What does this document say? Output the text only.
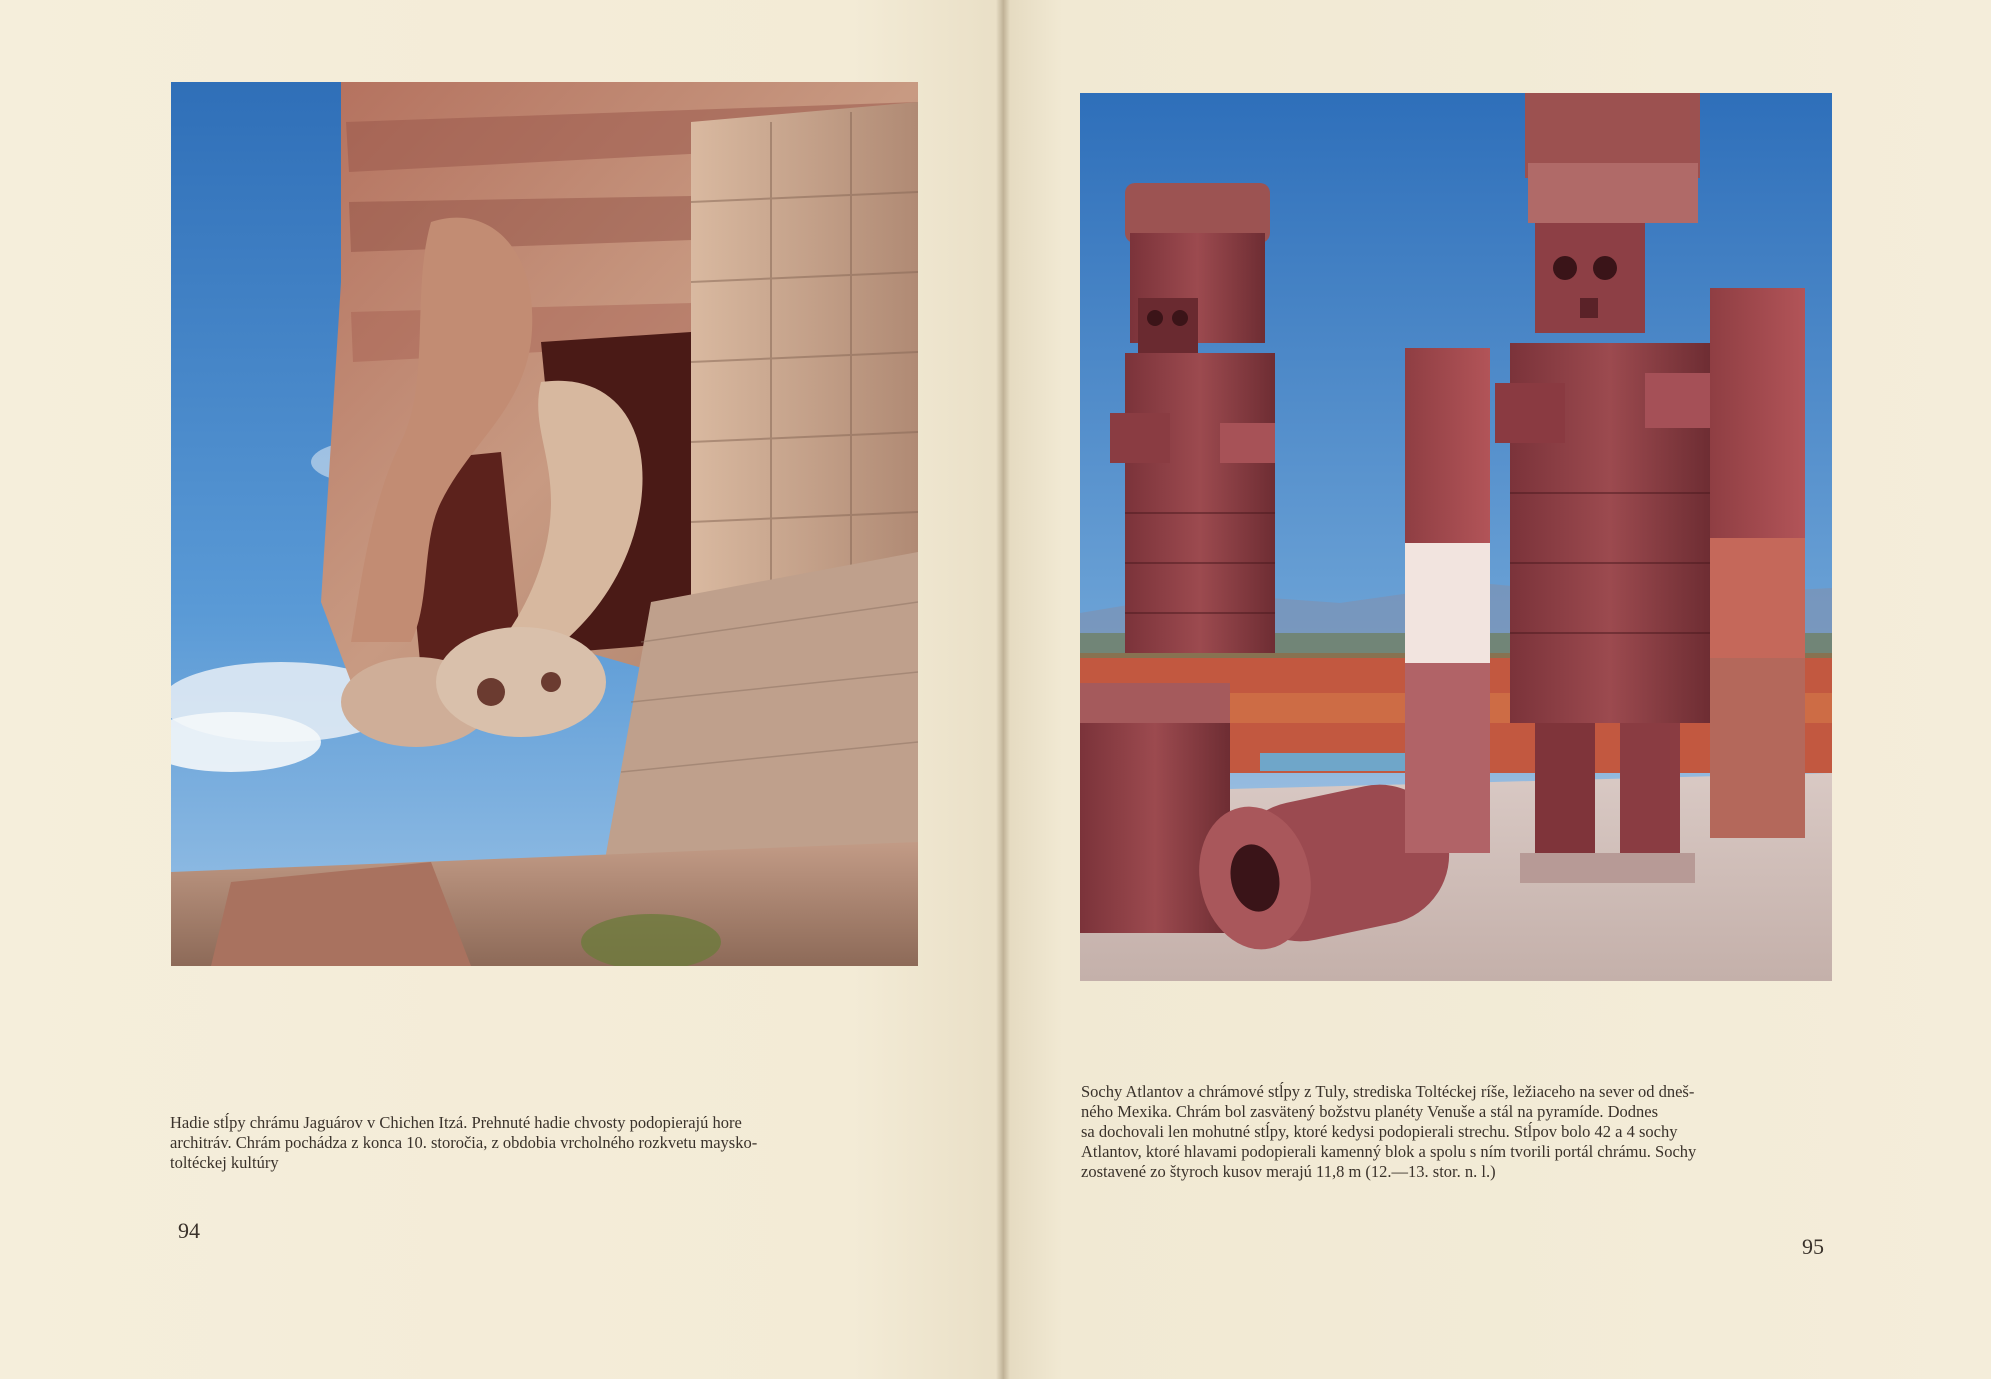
Hadie stĺpy chrámu Jaguárov v Chichen Itzá. Prehnuté hadie chvosty podopierajú hore

architráv. Chrám pochádza z konca 10. storočia, z obdobia vrcholného rozkvetu maysko-

toltéckej kultúry

Sochy Atlantov a chrámové stĺpy z Tuly, strediska Toltéckej ríše, ležiaceho na sever od dneš-

ného Mexika. Chrám bol zasvätený božstvu planéty Venuše a stál na pyramíde. Dodnes

sa dochovali len mohutné stĺpy, ktoré kedysi podopierali strechu. Stĺpov bolo 42 a 4 sochy

Atlantov, ktoré hlavami podopierali kamenný blok a spolu s ním tvorili portál chrámu. Sochy

zostavené zo štyroch kusov merajú 11,8 m (12.—13. stor. n. l.)

94
95
